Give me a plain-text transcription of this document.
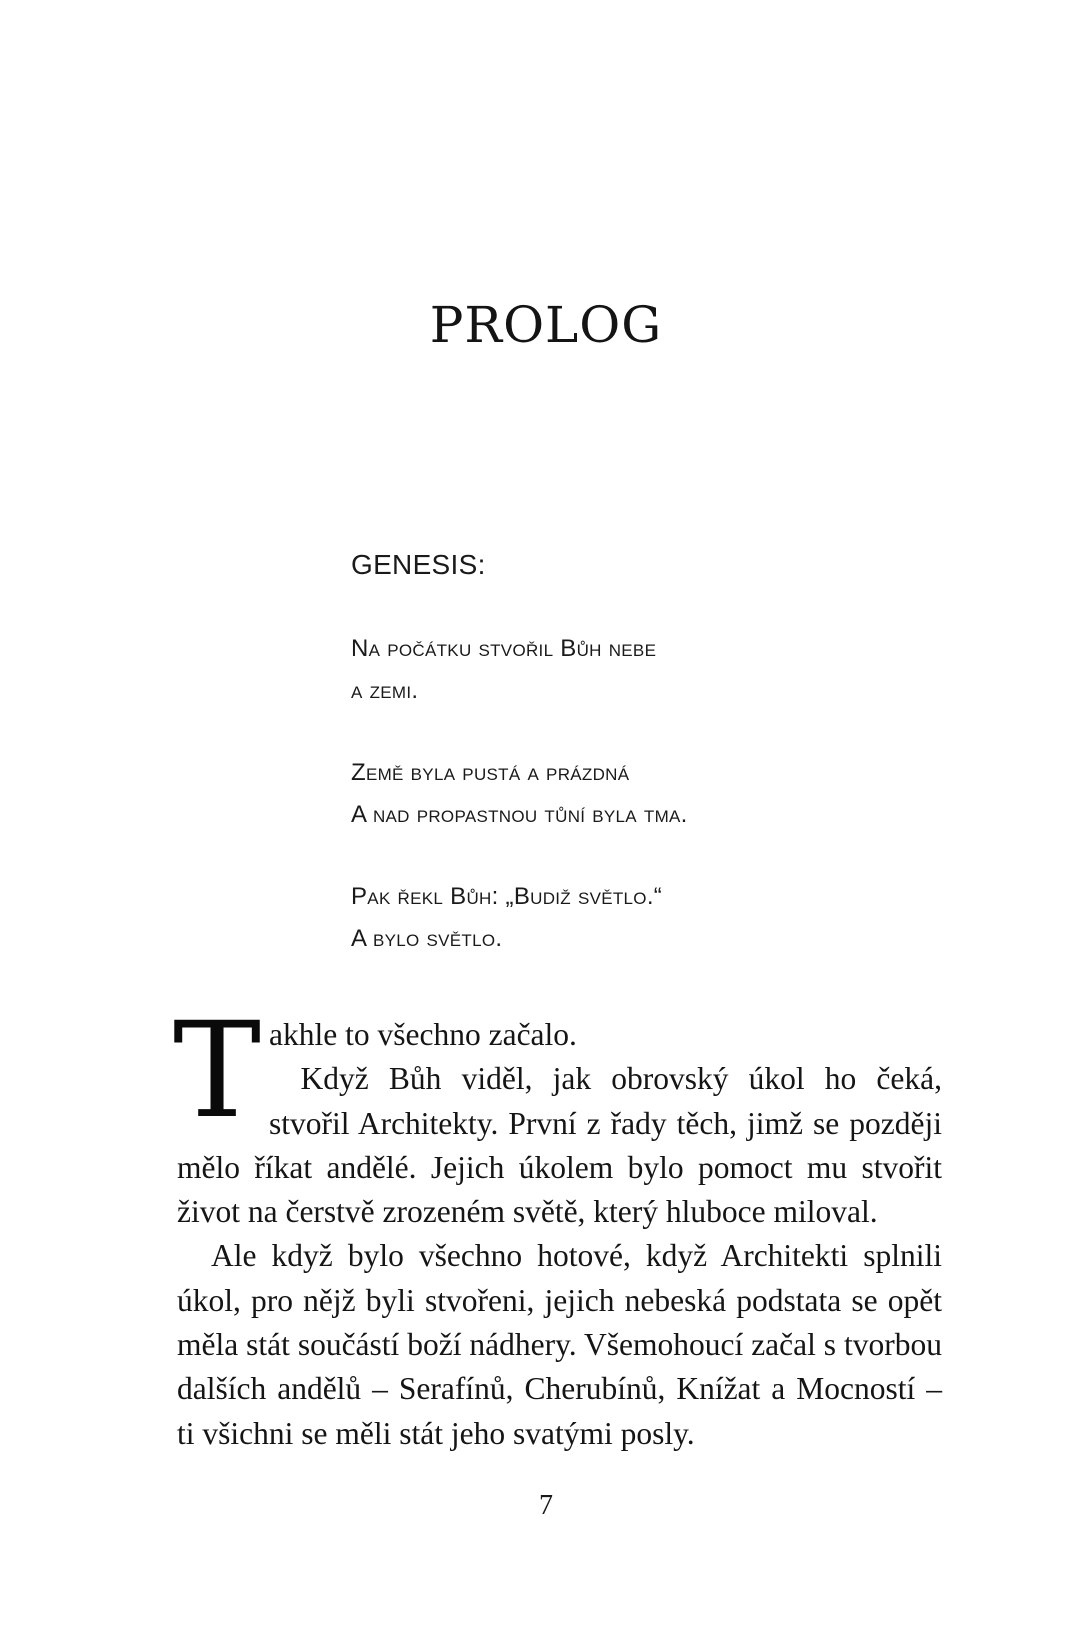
PROLOG
GENESIS:
Na počátku stvořil Bůh nebe
a zemi.
Země byla pustá a prázdná
A nad propastnou tůní byla tma.
Pak řekl Bůh: „Budiž světlo.“
A bylo světlo.

T akhle to všechno začalo.
 Když Bůh viděl, jak obrovský úkol ho čeká, stvořil Architekty. První z řady těch, jimž se později mělo říkat andělé. Jejich úkolem bylo pomoct mu stvořit život na čerstvě zrozeném světě, který hluboce miloval.

Ale když bylo všechno hotové, když Architekti splnili úkol, pro nějž byli stvořeni, jejich nebeská podstata se opět měla stát součástí boží nádhery. Všemohoucí začal s tvorbou dalších andělů – Serafínů, Cherubínů, Knížat a Mocností – ti všichni se měli stát jeho svatými posly.

7
